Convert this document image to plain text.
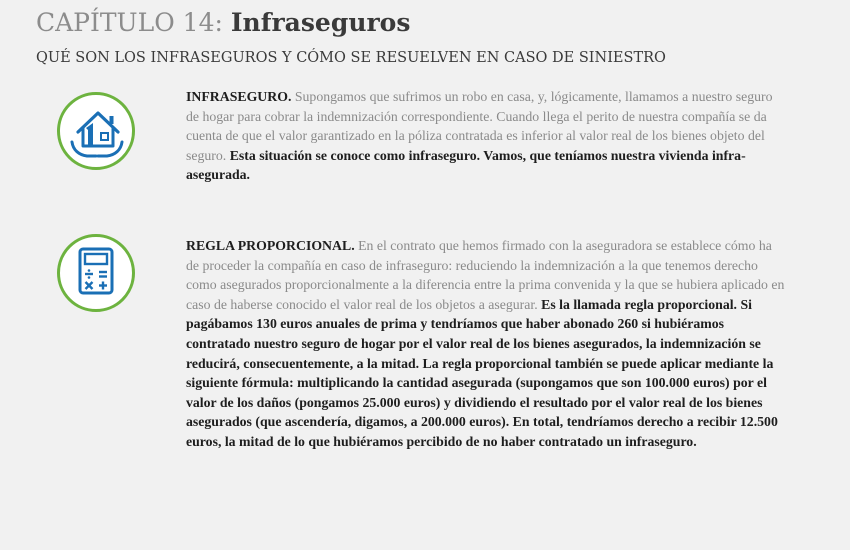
CAPÍTULO 14: Infraseguros
QUÉ SON LOS INFRASEGUROS Y CÓMO SE RESUELVEN EN CASO DE SINIESTRO

INFRASEGURO. Supongamos que sufrimos un robo en casa, y, lógicamente, llamamos a nuestro seguro de hogar para cobrar la indemnización correspondiente. Cuando llega el perito de nuestra compañía se da cuenta de que el valor garantizado en la póliza contratada es inferior al valor real de los bienes objeto del seguro. Esta situación se conoce como infraseguro. Vamos, que teníamos nuestra vivienda infra-asegurada.

REGLA PROPORCIONAL. En el contrato que hemos firmado con la aseguradora se establece cómo ha de proceder la compañía en caso de infraseguro: reduciendo la indemnización a la que tenemos derecho como asegurados proporcionalmente a la diferencia entre la prima convenida y la que se hubiera aplicado en caso de haberse conocido el valor real de los objetos a asegurar. Es la llamada regla proporcional. Si pagábamos 130 euros anuales de prima y tendríamos que haber abonado 260 si hubiéramos contratado nuestro seguro de hogar por el valor real de los bienes asegurados, la indemnización se reducirá, consecuentemente, a la mitad. La regla proporcional también se puede aplicar mediante la siguiente fórmula: multiplicando la cantidad asegurada (supongamos que son 100.000 euros) por el valor de los daños (pongamos 25.000 euros) y dividiendo el resultado por el valor real de los bienes asegurados (que ascendería, digamos, a 200.000 euros). En total, tendríamos derecho a recibir 12.500 euros, la mitad de lo que hubiéramos percibido de no haber contratado un infraseguro.
